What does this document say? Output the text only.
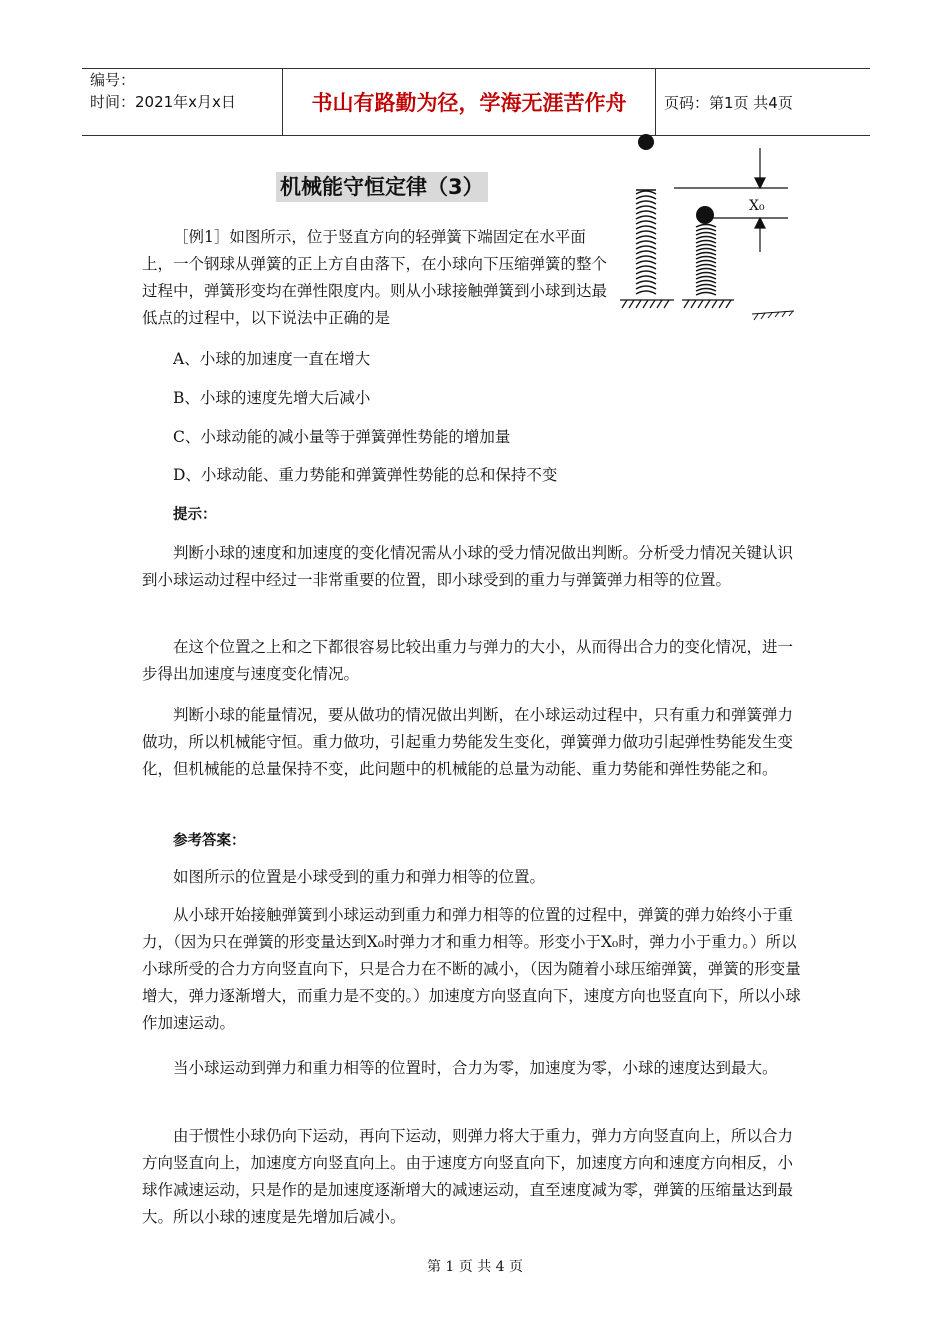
编号：
时间：2021年x月x日	书山有路勤为径，学海无涯苦作舟	页码：第1页 共4页
机械能守恒定律（3）
X₀

［例1］如图所示，位于竖直方向的轻弹簧下端固定在水平面上，一个钢球从弹簧的正上方自由落下，在小球向下压缩弹簧的整个过程中，弹簧形变均在弹性限度内。则从小球接触弹簧到小球到达最低点的过程中，以下说法中正确的是

A、小球的加速度一直在增大

B、小球的速度先增大后减小

C、小球动能的减小量等于弹簧弹性势能的增加量

D、小球动能、重力势能和弹簧弹性势能的总和保持不变

提示：

判断小球的速度和加速度的变化情况需从小球的受力情况做出判断。分析受力情况关键认识到小球运动过程中经过一非常重要的位置，即小球受到的重力与弹簧弹力相等的位置。

在这个位置之上和之下都很容易比较出重力与弹力的大小，从而得出合力的变化情况，进一步得出加速度与速度变化情况。

判断小球的能量情况，要从做功的情况做出判断，在小球运动过程中，只有重力和弹簧弹力做功，所以机械能守恒。重力做功，引起重力势能发生变化，弹簧弹力做功引起弹性势能发生变化，但机械能的总量保持不变，此问题中的机械能的总量为动能、重力势能和弹性势能之和。

参考答案：

如图所示的位置是小球受到的重力和弹力相等的位置。

从小球开始接触弹簧到小球运动到重力和弹力相等的位置的过程中，弹簧的弹力始终小于重力，（因为只在弹簧的形变量达到X₀时弹力才和重力相等。形变小于X₀时，弹力小于重力。）所以小球所受的合力方向竖直向下，只是合力在不断的减小，（因为随着小球压缩弹簧，弹簧的形变量增大，弹力逐渐增大，而重力是不变的。）加速度方向竖直向下，速度方向也竖直向下，所以小球作加速运动。

当小球运动到弹力和重力相等的位置时，合力为零，加速度为零，小球的速度达到最大。

由于惯性小球仍向下运动，再向下运动，则弹力将大于重力，弹力方向竖直向上，所以合力方向竖直向上，加速度方向竖直向上。由于速度方向竖直向下，加速度方向和速度方向相反，小球作减速运动，只是作的是加速度逐渐增大的减速运动，直至速度减为零，弹簧的压缩量达到最大。所以小球的速度是先增加后减小。

第 1 页 共 4 页
